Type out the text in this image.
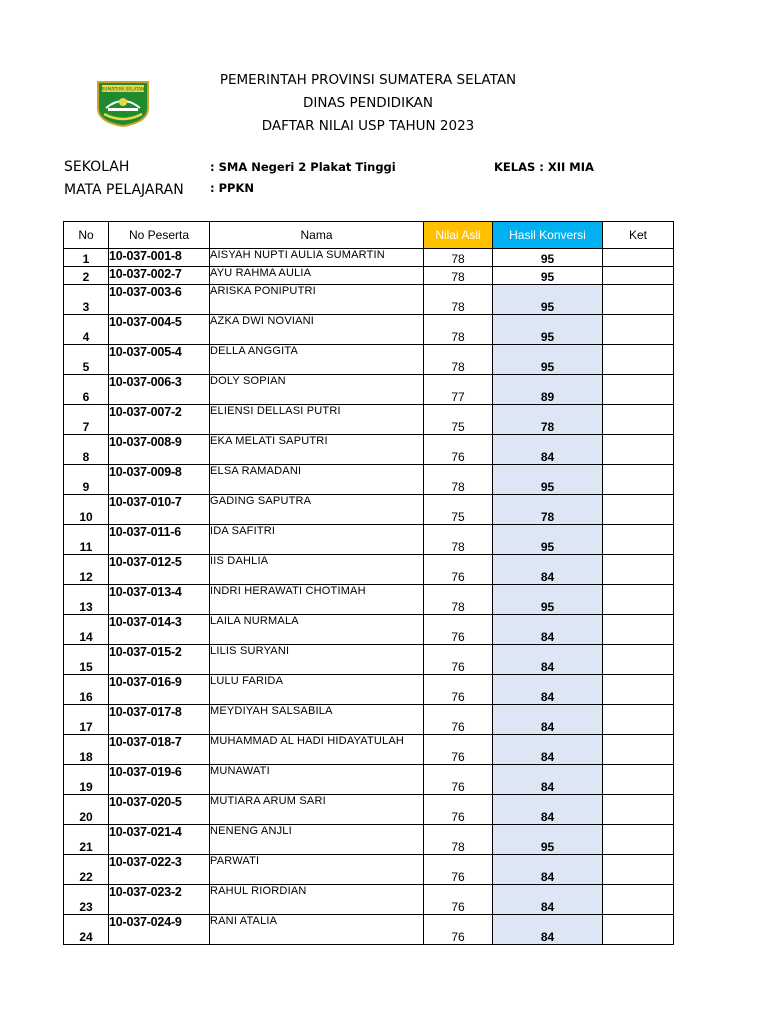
SUMATERA SELATAN
PEMERINTAH PROVINSI SUMATERA SELATAN
DINAS PENDIDIKAN
DAFTAR NILAI USP TAHUN 2023
SEKOLAH	: SMA Negeri 2 Plakat Tinggi
MATA PELAJARAN : PPKN
KELAS : XII MIA
No	No Peserta	Nama	Nilai Asli	Hasil Konversi	Ket
1	10-037-001-8	AISYAH NUPTI AULIA SUMARTIN	78	95	
2	10-037-002-7	AYU RAHMA AULIA	78	95	
3	10-037-003-6	ARISKA PONIPUTRI	78	95	
4	10-037-004-5	AZKA DWI NOVIANI	78	95	
5	10-037-005-4	DELLA ANGGITA	78	95	
6	10-037-006-3	DOLY SOPIAN	77	89	
7	10-037-007-2	ELIENSI DELLASI PUTRI	75	78	
8	10-037-008-9	EKA MELATI SAPUTRI	76	84	
9	10-037-009-8	ELSA RAMADANI	78	95	
10	10-037-010-7	GADING SAPUTRA	75	78	
11	10-037-011-6	IDA SAFITRI	78	95	
12	10-037-012-5	IIS DAHLIA	76	84	
13	10-037-013-4	INDRI HERAWATI CHOTIMAH	78	95	
14	10-037-014-3	LAILA NURMALA	76	84	
15	10-037-015-2	LILIS SURYANI	76	84	
16	10-037-016-9	LULU FARIDA	76	84	
17	10-037-017-8	MEYDIYAH SALSABILA	76	84	
18	10-037-018-7	MUHAMMAD AL HADI HIDAYATULAH	76	84	
19	10-037-019-6	MUNAWATI	76	84	
20	10-037-020-5	MUTIARA ARUM SARI	76	84	
21	10-037-021-4	NENENG ANJLI	78	95	
22	10-037-022-3	PARWATI	76	84	
23	10-037-023-2	RAHUL RIORDIAN	76	84	
24	10-037-024-9	RANI ATALIA	76	84	
